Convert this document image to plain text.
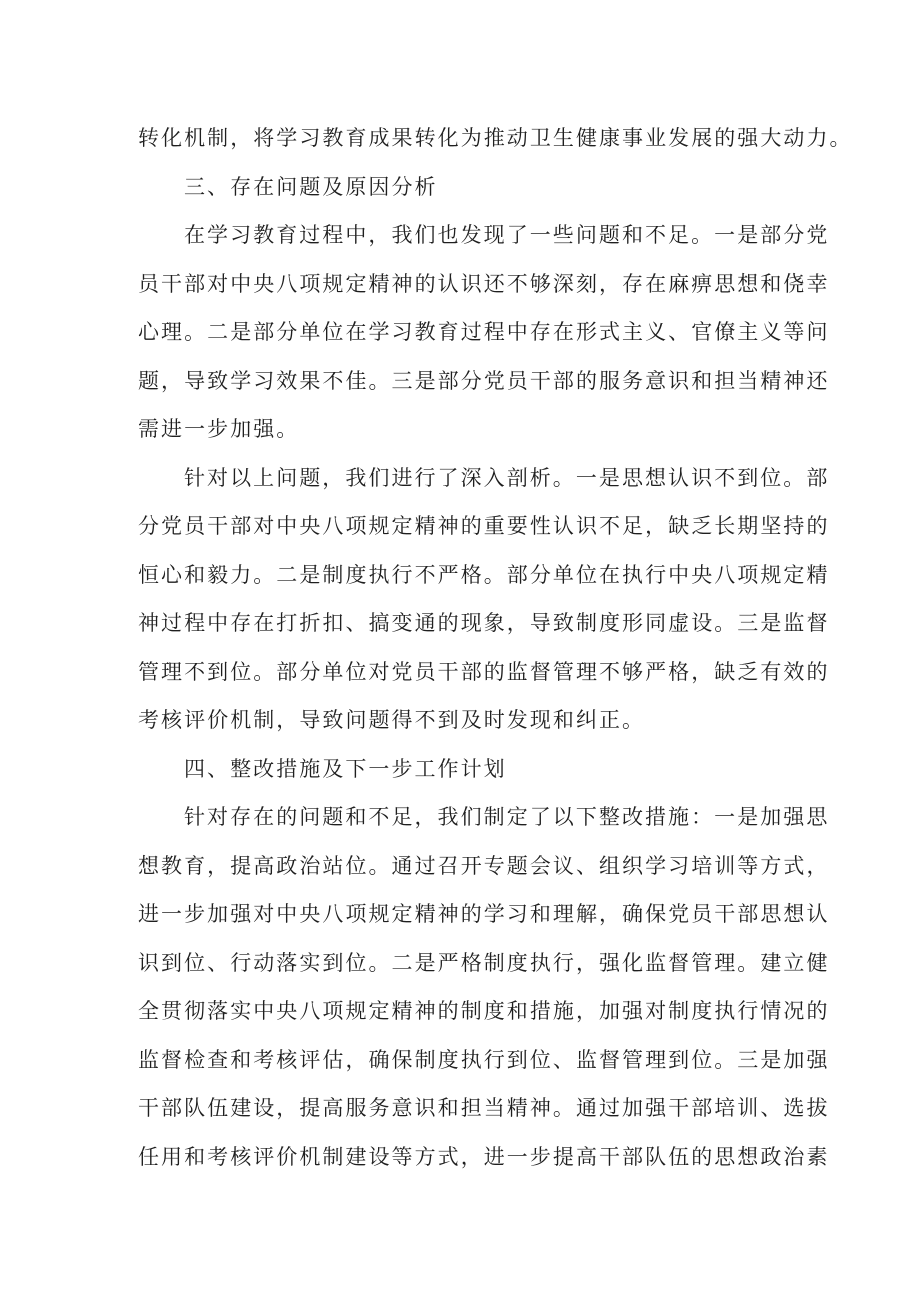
转化机制，将学习教育成果转化为推动卫生健康事业发展的强大动力。
三、存在问题及原因分析
在学习教育过程中，我们也发现了一些问题和不足。一是部分党
员干部对中央八项规定精神的认识还不够深刻，存在麻痹思想和侥幸
心理。二是部分单位在学习教育过程中存在形式主义、官僚主义等问
题，导致学习效果不佳。三是部分党员干部的服务意识和担当精神还
需进一步加强。
针对以上问题，我们进行了深入剖析。一是思想认识不到位。部
分党员干部对中央八项规定精神的重要性认识不足，缺乏长期坚持的
恒心和毅力。二是制度执行不严格。部分单位在执行中央八项规定精
神过程中存在打折扣、搞变通的现象，导致制度形同虚设。三是监督
管理不到位。部分单位对党员干部的监督管理不够严格，缺乏有效的
考核评价机制，导致问题得不到及时发现和纠正。
四、整改措施及下一步工作计划
针对存在的问题和不足，我们制定了以下整改措施：一是加强思
想教育，提高政治站位。通过召开专题会议、组织学习培训等方式，
进一步加强对中央八项规定精神的学习和理解，确保党员干部思想认
识到位、行动落实到位。二是严格制度执行，强化监督管理。建立健
全贯彻落实中央八项规定精神的制度和措施，加强对制度执行情况的
监督检查和考核评估，确保制度执行到位、监督管理到位。三是加强
干部队伍建设，提高服务意识和担当精神。通过加强干部培训、选拔
任用和考核评价机制建设等方式，进一步提高干部队伍的思想政治素
